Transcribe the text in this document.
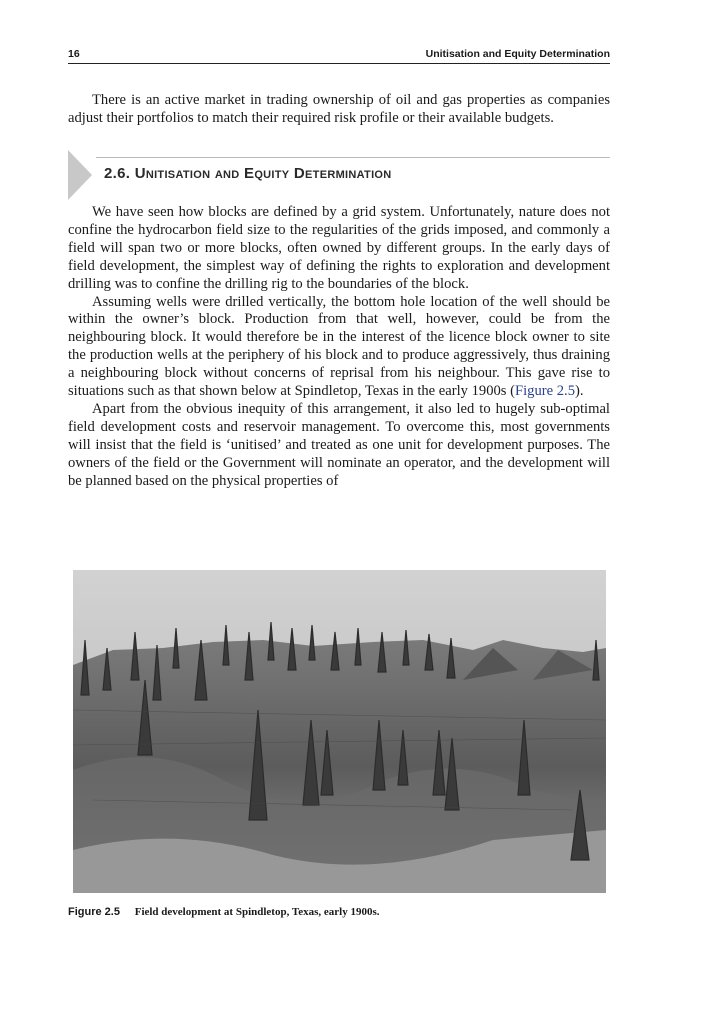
16	Unitisation and Equity Determination

There is an active market in trading ownership of oil and gas properties as companies adjust their portfolios to match their required risk profile or their available budgets.

2.6. Unitisation and Equity Determination

We have seen how blocks are defined by a grid system. Unfortunately, nature does not confine the hydrocarbon field size to the regularities of the grids imposed, and commonly a field will span two or more blocks, often owned by different groups. In the early days of field development, the simplest way of defining the rights to exploration and development drilling was to confine the drilling rig to the boundaries of the block.

Assuming wells were drilled vertically, the bottom hole location of the well should be within the owner’s block. Production from that well, however, could be from the neighbouring block. It would therefore be in the interest of the licence block owner to site the production wells at the periphery of his block and to produce aggressively, thus draining a neighbouring block without concerns of reprisal from his neighbour. This gave rise to situations such as that shown below at Spindletop, Texas in the early 1900s (Figure 2.5).

Apart from the obvious inequity of this arrangement, it also led to hugely sub-optimal field development costs and reservoir management. To overcome this, most governments will insist that the field is ‘unitised’ and treated as one unit for development purposes. The owners of the field or the Government will nominate an operator, and the development will be planned based on the physical properties of

Figure 2.5 Field development at Spindletop, Texas, early 1900s.
